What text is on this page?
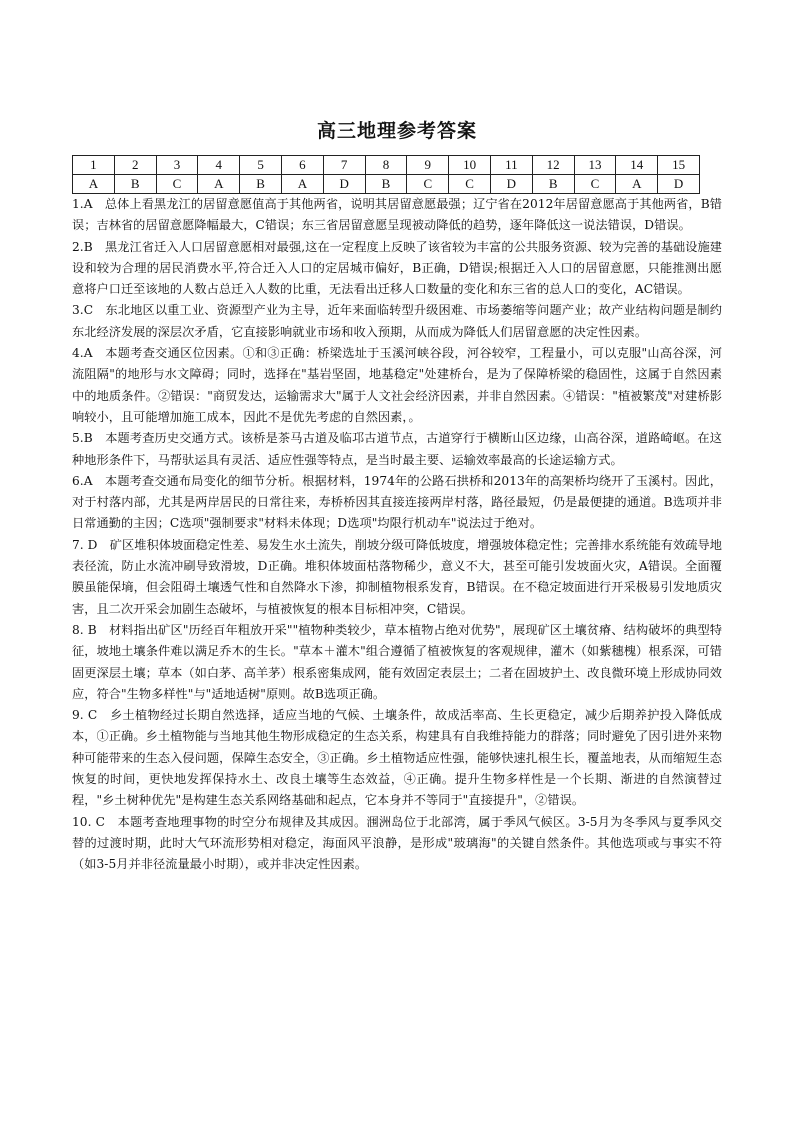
高三地理参考答案
1	2	3	4	5	6	7	8	9	10	11	12	13	14	15
A	B	C	A	B	A	D	B	C	C	D	B	C	A	D

1.A　 总体上看黑龙江的居留意愿值高于其他两省，说明其居留意愿最强；辽宁省在2012年居留意愿高于其他两省，B错误；吉林省的居留意愿降幅最大，C错误；东三省居留意愿呈现被动降低的趋势，逐年降低这一说法错误，D错误。

2.B　 黑龙江省迁入人口居留意愿相对最强,这在一定程度上反映了该省较为丰富的公共服务资源、较为完善的基础设施建设和较为合理的居民消费水平,符合迁入人口的定居城市偏好，B正确，D错误;根据迁入人口的居留意愿，只能推测出愿意将户口迁至该地的人数占总迁入人数的比重，无法看出迁移人口数量的变化和东三省的总人口的变化，AC错误。

3.C　 东北地区以重工业、资源型产业为主导，近年来面临转型升级困难、市场萎缩等问题产业；故产业结构问题是制约东北经济发展的深层次矛盾，它直接影响就业市场和收入预期，从而成为降低人们居留意愿的决定性因素。

4.A　 本题考查交通区位因素。①和③正确：桥梁选址于玉溪河峡谷段，河谷较窄，工程量小，可以克服"山高谷深，河流阻隔"的地形与水文障碍；同时，选择在"基岩坚固，地基稳定"处建桥台，是为了保障桥梁的稳固性，这属于自然因素中的地质条件。②错误："商贸发达，运输需求大"属于人文社会经济因素，并非自然因素。④错误："植被繁茂"对建桥影响较小，且可能增加施工成本，因此不是优先考虑的自然因素，。

5.B　 本题考查历史交通方式。该桥是茶马古道及临邛古道节点，古道穿行于横断山区边缘，山高谷深，道路崎岖。在这种地形条件下，马帮驮运具有灵活、适应性强等特点，是当时最主要、运输效率最高的长途运输方式。

6.A　 本题考查交通布局变化的细节分析。根据材料，1974年的公路石拱桥和2013年的高架桥均绕开了玉溪村。因此，对于村落内部，尤其是两岸居民的日常往来，寿桥桥因其直接连接两岸村落，路径最短，仍是最便捷的通道。B选项并非日常通勤的主因；C选项"强制要求"材料未体现；D选项"均限行机动车"说法过于绝对。

7. D　 矿区堆积体坡面稳定性差、易发生水土流失，削坡分级可降低坡度，增强坡体稳定性；完善排水系统能有效疏导地表径流，防止水流冲刷导致滑坡，D正确。堆积体坡面枯落物稀少，意义不大，甚至可能引发坡面火灾，A错误。全面覆膜虽能保墒，但会阻碍土壤透气性和自然降水下渗，抑制植物根系发育，B错误。在不稳定坡面进行开采极易引发地质灾害，且二次开采会加剧生态破坏，与植被恢复的根本目标相冲突，C错误。

8. B　 材料指出矿区"历经百年粗放开采""植物种类较少，草本植物占绝对优势"，展现矿区土壤贫瘠、结构破坏的典型特征，坡地土壤条件难以满足乔木的生长。"草本＋灌木"组合遵循了植被恢复的客观规律，灌木（如紫穗槐）根系深，可错固更深层土壤；草本（如白茅、高羊茅）根系密集成网，能有效固定表层土；二者在固坡护土、改良微环境上形成协同效应，符合"生物多样性"与"适地适树"原则。故B选项正确。

9. C　 乡土植物经过长期自然选择，适应当地的气候、土壤条件，故成活率高、生长更稳定，减少后期养护投入降低成本，①正确。乡土植物能与当地其他生物形成稳定的生态关系，构建具有自我维持能力的群落；同时避免了因引进外来物种可能带来的生态入侵问题，保障生态安全，③正确。乡土植物适应性强，能够快速扎根生长，覆盖地表，从而缩短生态恢复的时间，更快地发挥保持水土、改良土壤等生态效益，④正确。提升生物多样性是一个长期、渐进的自然演替过程，"乡土树种优先"是构建生态关系网络基础和起点，它本身并不等同于"直接提升"，②错误。

10. C　 本题考查地理事物的时空分布规律及其成因。涠洲岛位于北部湾，属于季风气候区。3-5月为冬季风与夏季风交替的过渡时期，此时大气环流形势相对稳定，海面风平浪静，是形成"玻璃海"的关键自然条件。其他选项或与事实不符（如3-5月并非径流量最小时期），或并非决定性因素。
